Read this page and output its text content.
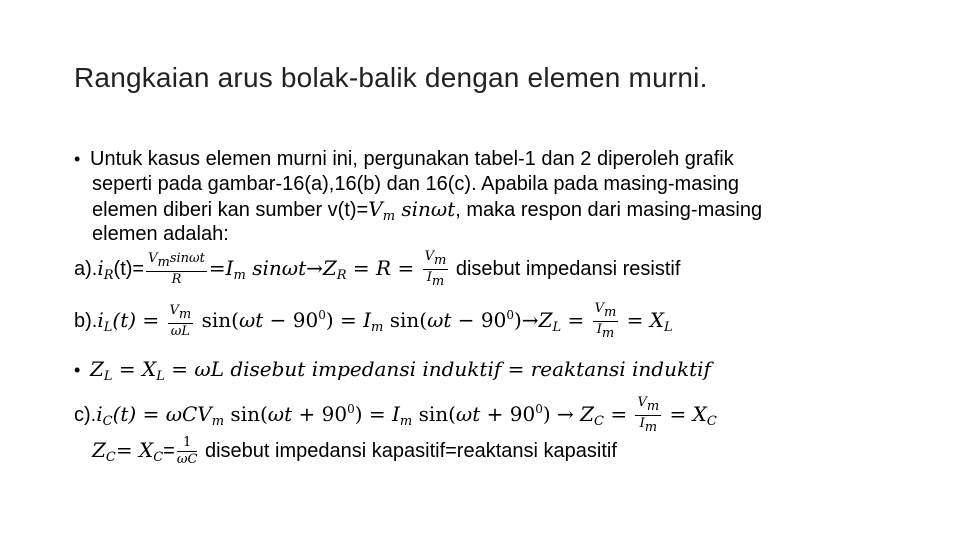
Rangkaian arus bolak-balik dengan elemen murni.
• Untuk kasus elemen murni ini, pergunakan tabel-1 dan 2 diperoleh grafik
seperti pada gambar-16(a),16(b) dan 16(c). Apabila pada masing-masing
elemen diberi kan sumber $v(t)=V_m$ sinωt, maka respon dari masing-masing
elemen adalah:
$a).i_R(t)= \frac{V_m\sin\omega t}{R} =I_m$ $\sin\omega t\to Z_R = R = \frac{V_m}{I_m}$ disebut impedansi resistif
$b).i_L(t) = \frac{V_m}{\omega L} \sin(\omega t - 90^0) = I_m$ $\sin(\omega t - 90^0)\to Z_L = \frac{V_m}{I_m} = X_L$
• $Z_L = X_L = \omega L$ disebut impedansi induktif = reaktansi induktif
$c).i_C(t) = \omega CV_m$ $\sin(\omega t + 90^0) = I_m$ $\sin(\omega t + 90^0) \to Z_C = \frac{V_m}{I_m} = X_C$
$Z_C= X_C= \frac{1}{\omega C}$ disebut impedansi kapasitif=reaktansi kapasitif
